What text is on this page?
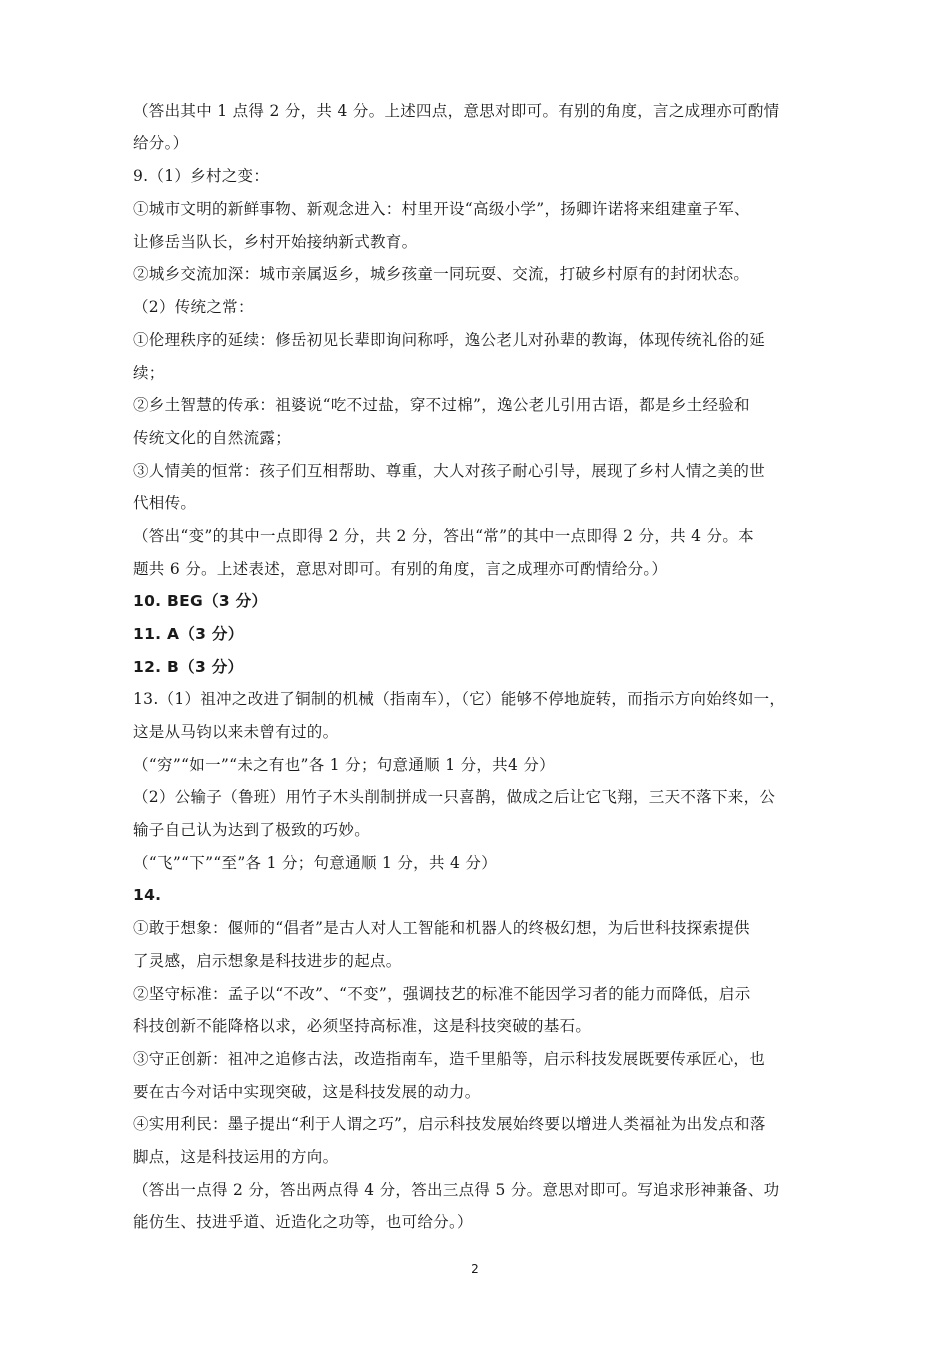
（答出其中 1 点得 2 分，共 4 分。上述四点，意思对即可。有别的角度，言之成理亦可酌情
给分。）
9.（1）乡村之变：
①城市文明的新鲜事物、新观念进入：村里开设“高级小学”，扬卿许诺将来组建童子军、
让修岳当队长，乡村开始接纳新式教育。
②城乡交流加深：城市亲属返乡，城乡孩童一同玩耍、交流，打破乡村原有的封闭状态。
（2）传统之常：
①伦理秩序的延续：修岳初见长辈即询问称呼，逸公老儿对孙辈的教诲，体现传统礼俗的延
续；
②乡土智慧的传承：祖婆说“吃不过盐，穿不过棉”，逸公老儿引用古语，都是乡土经验和
传统文化的自然流露；
③人情美的恒常：孩子们互相帮助、尊重，大人对孩子耐心引导，展现了乡村人情之美的世
代相传。
（答出“变”的其中一点即得 2 分，共 2 分，答出“常”的其中一点即得 2 分，共 4 分。本
题共 6 分。上述表述，意思对即可。有别的角度，言之成理亦可酌情给分。）
10. BEG（3 分）
11. A（3 分）
12. B（3 分）
13.（1）祖冲之改进了铜制的机械（指南车），（它）能够不停地旋转，而指示方向始终如一，
这是从马钧以来未曾有过的。
（“穷”“如一”“未之有也”各 1 分；句意通顺 1 分，共4 分）
（2）公输子（鲁班）用竹子木头削制拼成一只喜鹊，做成之后让它飞翔，三天不落下来，公
输子自己认为达到了极致的巧妙。
（“飞”“下”“至”各 1 分；句意通顺 1 分，共 4 分）
14.
①敢于想象：偃师的“倡者”是古人对人工智能和机器人的终极幻想，为后世科技探索提供
了灵感，启示想象是科技进步的起点。
②坚守标准：孟子以“不改”、“不变”，强调技艺的标准不能因学习者的能力而降低，启示
科技创新不能降格以求，必须坚持高标准，这是科技突破的基石。
③守正创新：祖冲之追修古法，改造指南车，造千里船等，启示科技发展既要传承匠心，也
要在古今对话中实现突破，这是科技发展的动力。
④实用利民：墨子提出“利于人谓之巧”，启示科技发展始终要以增进人类福祉为出发点和落
脚点，这是科技运用的方向。
（答出一点得 2 分，答出两点得 4 分，答出三点得 5 分。意思对即可。写追求形神兼备、功
能仿生、技进乎道、近造化之功等，也可给分。）
2
